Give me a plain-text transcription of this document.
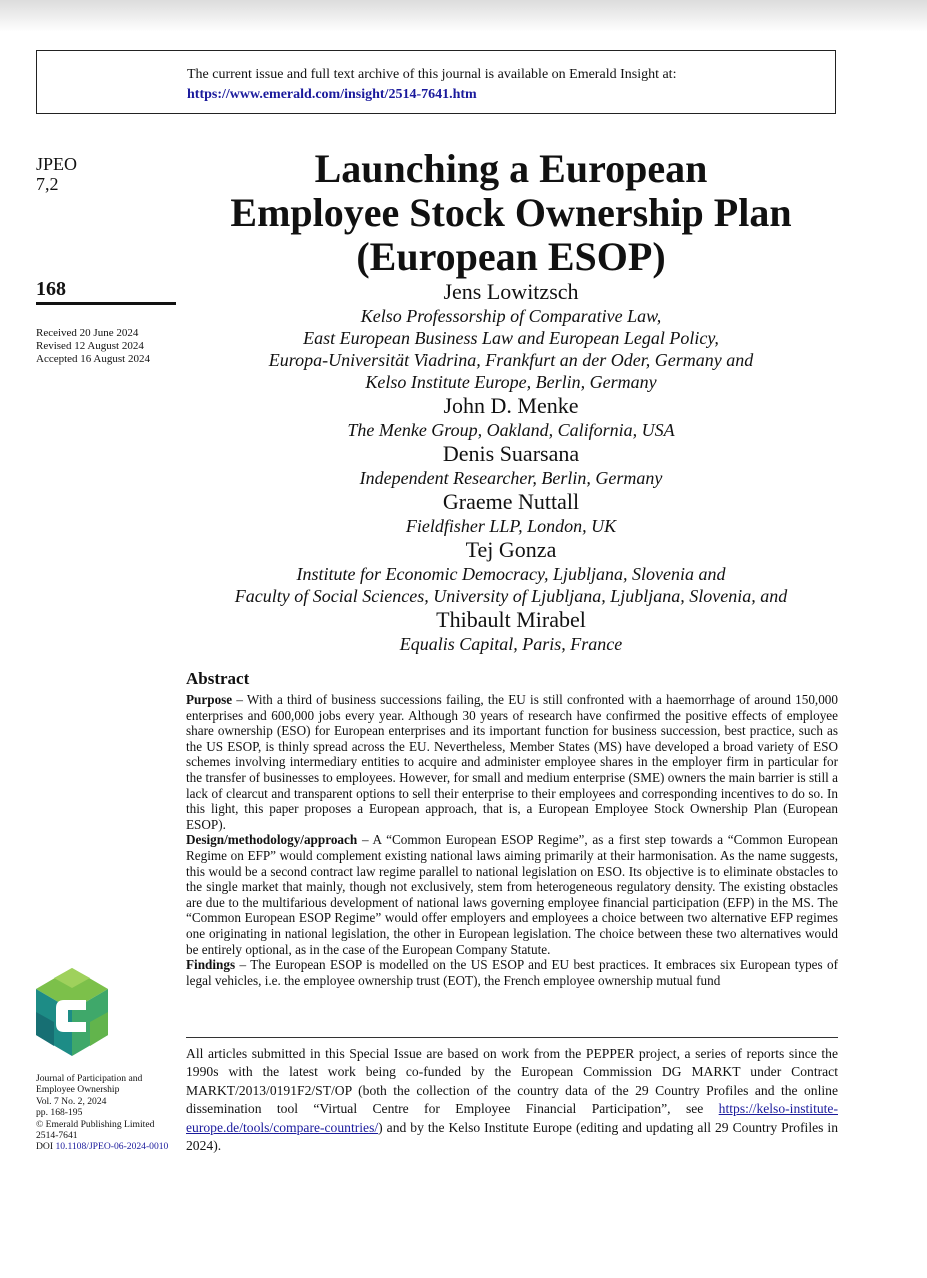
The current issue and full text archive of this journal is available on Emerald Insight at:
https://www.emerald.com/insight/2514-7641.htm
JPEO
7,2
168
Received 20 June 2024
Revised 12 August 2024
Accepted 16 August 2024
Launching a European
Employee Stock Ownership Plan
(European ESOP)
Jens Lowitzsch
Kelso Professorship of Comparative Law,
East European Business Law and European Legal Policy,
Europa-Universität Viadrina, Frankfurt an der Oder, Germany and
Kelso Institute Europe, Berlin, Germany
John D. Menke
The Menke Group, Oakland, California, USA
Denis Suarsana
Independent Researcher, Berlin, Germany
Graeme Nuttall
Fieldfisher LLP, London, UK
Tej Gonza
Institute for Economic Democracy, Ljubljana, Slovenia and
Faculty of Social Sciences, University of Ljubljana, Ljubljana, Slovenia, and
Thibault Mirabel
Equalis Capital, Paris, France
Abstract

Purpose – With a third of business successions failing, the EU is still confronted with a haemorrhage of around 150,000 enterprises and 600,000 jobs every year. Although 30 years of research have confirmed the positive effects of employee share ownership (ESO) for European enterprises and its important function for business succession, best practice, such as the US ESOP, is thinly spread across the EU. Nevertheless, Member States (MS) have developed a broad variety of ESO schemes involving intermediary entities to acquire and administer employee shares in the employer firm in particular for the transfer of businesses to employees. However, for small and medium enterprise (SME) owners the main barrier is still a lack of clearcut and transparent options to sell their enterprise to their employees and corresponding incentives to do so. In this light, this paper proposes a European approach, that is, a European Employee Stock Ownership Plan (European ESOP).

Design/methodology/approach – A “Common European ESOP Regime”, as a first step towards a “Common European Regime on EFP” would complement existing national laws aiming primarily at their harmonisation. As the name suggests, this would be a second contract law regime parallel to national legislation on ESO. Its objective is to eliminate obstacles to the single market that mainly, though not exclusively, stem from heterogeneous regulatory density. The existing obstacles are due to the multifarious development of national laws governing employee financial participation (EFP) in the MS. The “Common European ESOP Regime” would offer employers and employees a choice between two alternative EFP regimes one originating in national legislation, the other in European legislation. The choice between these two alternatives would be entirely optional, as in the case of the European Company Statute.

Findings – The European ESOP is modelled on the US ESOP and EU best practices. It embraces six European types of legal vehicles, i.e. the employee ownership trust (EOT), the French employee ownership mutual fund

Journal of Participation and
Employee Ownership
Vol. 7 No. 2, 2024
pp. 168-195
© Emerald Publishing Limited
2514-7641
DOI 10.1108/JPEO-06-2024-0010
All articles submitted in this Special Issue are based on work from the PEPPER project, a series of reports since the 1990s with the latest work being co-funded by the European Commission DG MARKT under Contract MARKT/2013/0191F2/ST/OP (both the collection of the country data of the 29 Country Profiles and the online dissemination tool “Virtual Centre for Employee Financial Participation”, see https://kelso-institute-europe.de/tools/compare-countries/) and by the Kelso Institute Europe (editing and updating all 29 Country Profiles in 2024).
